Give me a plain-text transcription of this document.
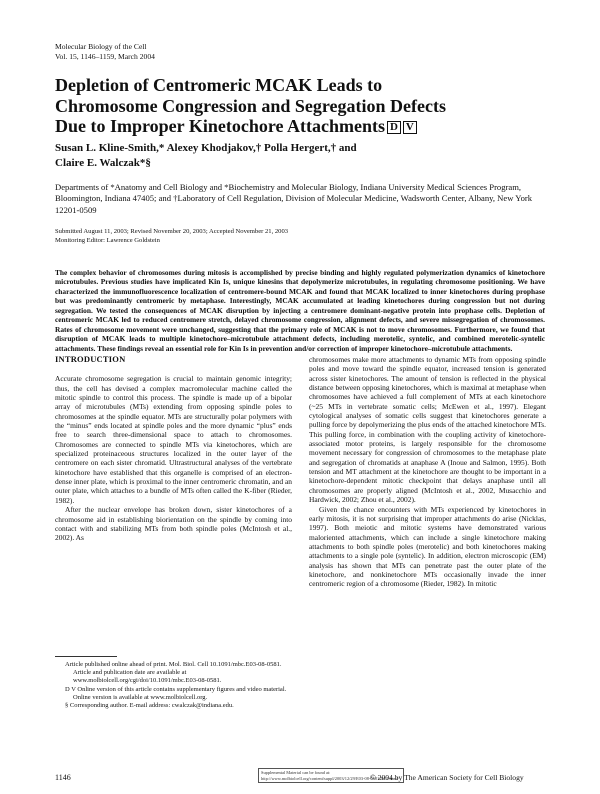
Molecular Biology of the Cell
Vol. 15, 1146–1159, March 2004
Depletion of Centromeric MCAK Leads to
Chromosome Congression and Segregation Defects
Due to Improper Kinetochore Attachments D V
Susan L. Kline-Smith,* Alexey Khodjakov,† Polla Hergert,† and
Claire E. Walczak*§
Departments of *Anatomy and Cell Biology and *Biochemistry and Molecular Biology, Indiana University Medical Sciences Program, Bloomington, Indiana 47405; and †Laboratory of Cell Regulation, Division of Molecular Medicine, Wadsworth Center, Albany, New York 12201-0509
Submitted August 11, 2003; Revised November 20, 2003; Accepted November 21, 2003
Monitoring Editor: Lawrence Goldstein

The complex behavior of chromosomes during mitosis is accomplished by precise binding and highly regulated polymerization dynamics of kinetochore microtubules. Previous studies have implicated Kin Is, unique kinesins that depolymerize microtubules, in regulating chromosome positioning. We have characterized the immunofluorescence localization of centromere-bound MCAK and found that MCAK localized to inner kinetochores during prophase but was predominantly centromeric by metaphase. Interestingly, MCAK accumulated at leading kinetochores during congression but not during segregation. We tested the consequences of MCAK disruption by injecting a centromere dominant-negative protein into prophase cells. Depletion of centromeric MCAK led to reduced centromere stretch, delayed chromosome congression, alignment defects, and severe missegregation of chromosomes. Rates of chromosome movement were unchanged, suggesting that the primary role of MCAK is not to move chromosomes. Furthermore, we found that disruption of MCAK leads to multiple kinetochore–microtubule attachment defects, including merotelic, syntelic, and combined merotelic-syntelic attachments. These findings reveal an essential role for Kin Is in prevention and/or correction of improper kinetochore–microtubule attachments.

INTRODUCTION

Accurate chromosome segregation is crucial to maintain genomic integrity; thus, the cell has devised a complex macromolecular machine called the mitotic spindle to control this process. The spindle is made up of a bipolar array of microtubules (MTs) extending from opposing spindle poles to chromosomes at the spindle equator. MTs are structurally polar polymers with the “minus” ends located at spindle poles and the more dynamic “plus” ends free to search three-dimensional space to attach to chromosomes. Chromosomes are connected to spindle MTs via kinetochores, which are specialized proteinaceous structures localized in the outer layer of the centromere on each sister chromatid. Ultrastructural analyses of the vertebrate kinetochore have established that this organelle is comprised of an electron-dense inner plate, which is proximal to the inner centromeric chromatin, and an outer plate, which attaches to a bundle of MTs often called the K-fiber (Rieder, 1982).

After the nuclear envelope has broken down, sister kinetochores of a chromosome aid in establishing biorientation on the spindle by coming into contact with and stabilizing MTs from both spindle poles (McIntosh et al., 2002). As

chromosomes make more attachments to dynamic MTs from opposing spindle poles and move toward the spindle equator, increased tension is generated across sister kinetochores. The amount of tension is reflected in the physical distance between opposing kinetochores, which is maximal at metaphase when chromosomes have achieved a full complement of MTs at each kinetochore (~25 MTs in vertebrate somatic cells; McEwen et al., 1997). Elegant cytological analyses of somatic cells suggest that kinetochores generate a pulling force by depolymerizing the plus ends of the attached kinetochore MTs. This pulling force, in combination with the coupling activity of kinetochore-associated motor proteins, is largely responsible for the chromosome movement necessary for congression of chromosomes to the metaphase plate and segregation of chromatids at anaphase A (Inoue and Salmon, 1995). Both tension and MT attachment at the kinetochore are thought to be important in a kinetochore-dependent mitotic checkpoint that delays anaphase until all chromosomes are properly aligned (McIntosh et al., 2002, Musacchio and Hardwick, 2002; Zhou et al., 2002).

Given the chance encounters with MTs experienced by kinetochores in early mitosis, it is not surprising that improper attachments do arise (Nicklas, 1997). Both meiotic and mitotic systems have demonstrated various maloriented attachments, which can include a single kinetochore making attachments to both spindle poles (merotelic) and both kinetochores making attachments to a single pole (syntelic). In addition, electron microscopic (EM) analysis has shown that MTs can penetrate past the outer plate of the kinetochore, and nonkinetochore MTs occasionally invade the inner centromeric region of a chromosome (Rieder, 1982). In mitotic

Article published online ahead of print. Mol. Biol. Cell 10.1091/mbc.E03-08-0581. Article and publication date are available at www.molbiolcell.org/cgi/doi/10.1091/mbc.E03-08-0581.

D V Online version of this article contains supplementary figures and video material. Online version is available at www.molbiolcell.org.

§ Corresponding author. E-mail address: cwalczak@indiana.edu.

1146
Supplemental Material can be found at: http://www.molbiolcell.org/content/suppl/2003/12/29/E03-08-0581.DC1.html
© 2004 by The American Society for Cell Biology
